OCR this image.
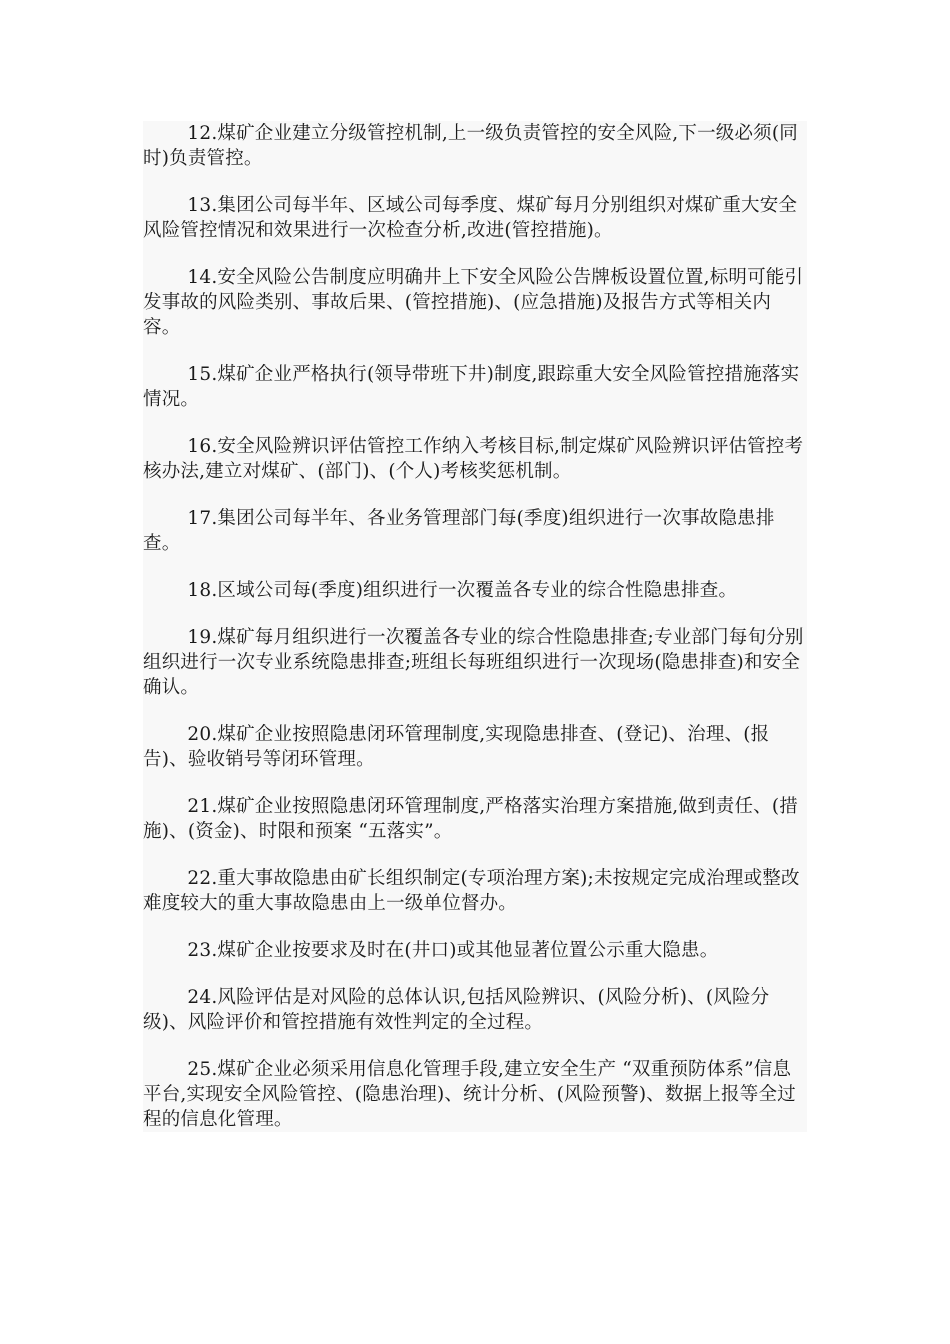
12.煤矿企业建立分级管控机制,上一级负责管控的安全风险,下一级必须(同时)负责管控。

13.集团公司每半年、区域公司每季度、煤矿每月分别组织对煤矿重大安全风险管控情况和效果进行一次检查分析,改进(管控措施)。

14.安全风险公告制度应明确井上下安全风险公告牌板设置位置,标明可能引发事故的风险类别、事故后果、(管控措施)、(应急措施)及报告方式等相关内容。

15.煤矿企业严格执行(领导带班下井)制度,跟踪重大安全风险管控措施落实情况。

16.安全风险辨识评估管控工作纳入考核目标,制定煤矿风险辨识评估管控考核办法,建立对煤矿、(部门)、(个人)考核奖惩机制。

17.集团公司每半年、各业务管理部门每(季度)组织进行一次事故隐患排查。

18.区域公司每(季度)组织进行一次覆盖各专业的综合性隐患排查。

19.煤矿每月组织进行一次覆盖各专业的综合性隐患排查;专业部门每旬分别组织进行一次专业系统隐患排查;班组长每班组织进行一次现场(隐患排查)和安全确认。

20.煤矿企业按照隐患闭环管理制度,实现隐患排查、(登记)、治理、(报告)、验收销号等闭环管理。

21.煤矿企业按照隐患闭环管理制度,严格落实治理方案措施,做到责任、(措施)、(资金)、时限和预案 “五落实”。

22.重大事故隐患由矿长组织制定(专项治理方案);未按规定完成治理或整改难度较大的重大事故隐患由上一级单位督办。

23.煤矿企业按要求及时在(井口)或其他显著位置公示重大隐患。

24.风险评估是对风险的总体认识,包括风险辨识、(风险分析)、(风险分级)、风险评价和管控措施有效性判定的全过程。

25.煤矿企业必须采用信息化管理手段,建立安全生产 “双重预防体系”信息平台,实现安全风险管控、(隐患治理)、统计分析、(风险预警)、数据上报等全过程的信息化管理。
